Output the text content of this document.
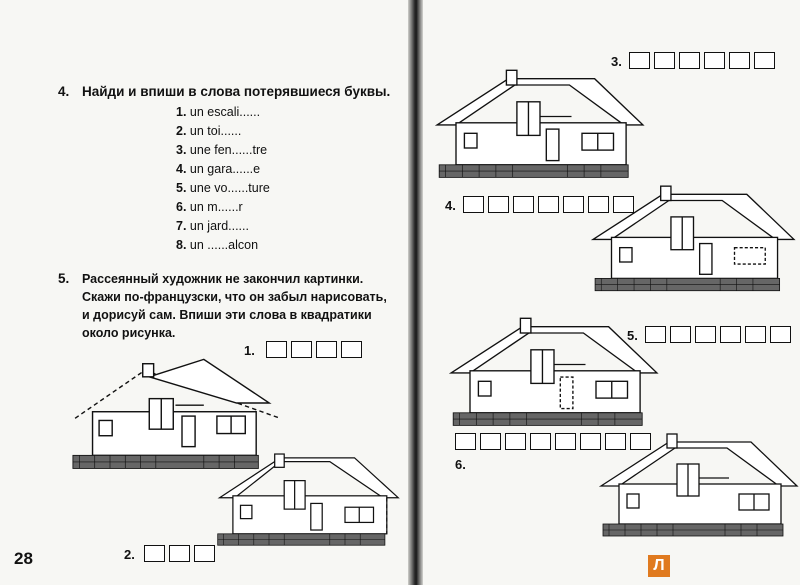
4. Найди и впиши в слова потерявшиеся буквы.
1. un escali......
2. un toi......
3. une fen......tre
4. un gara......e
5. une vo......ture
6. un m......r
7. un jard......
8. un ......alcon
5. Рассеянный художник не закончил картинки.
Скажи по-французски, что он забыл нарисовать,
и дорисуй сам. Впиши эти слова в квадратики
около рисунка.
1.
2.
28
3.
4.
5.
6.
Л
